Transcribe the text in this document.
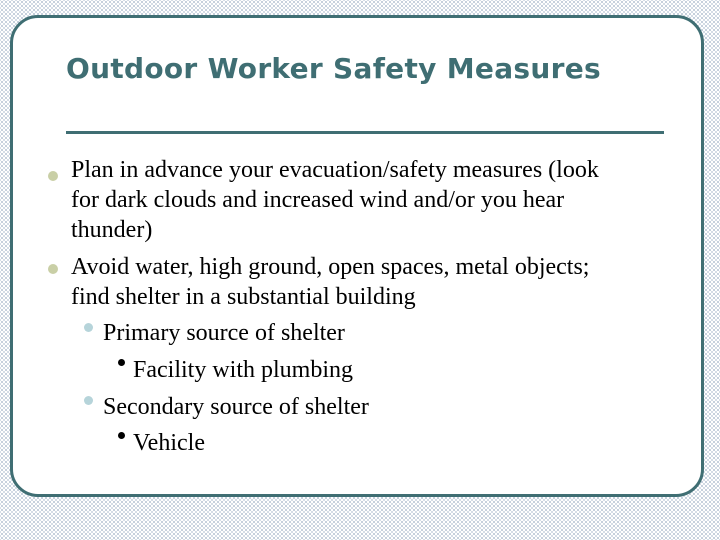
Outdoor Worker Safety Measures
Plan in advance your evacuation/safety measures (look
for dark clouds and increased wind and/or you hear
thunder)
Avoid water, high ground, open spaces, metal objects;
find shelter in a substantial building
Primary source of shelter
Facility with plumbing
Secondary source of shelter
Vehicle
